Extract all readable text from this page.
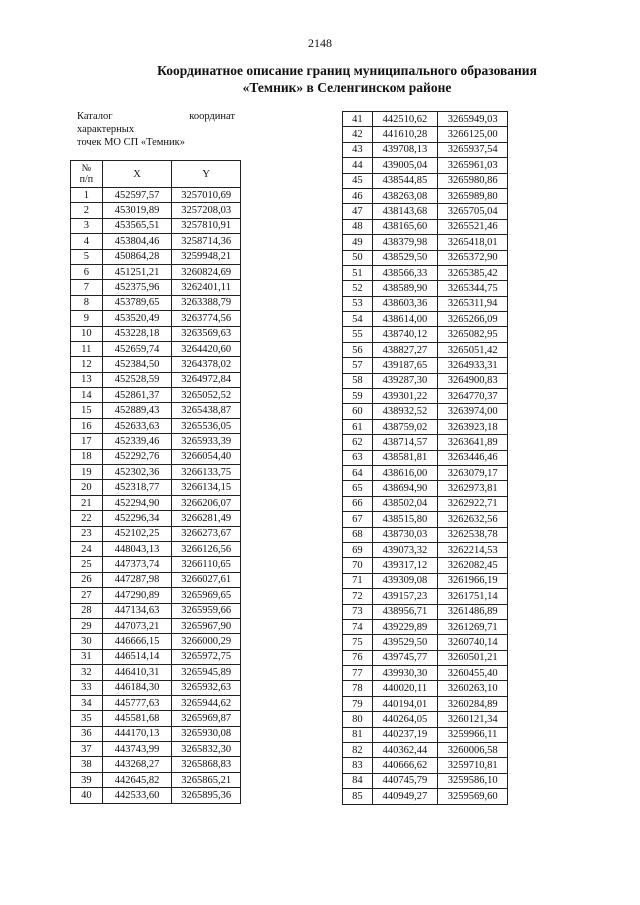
2148
Координатное описание границ муниципального образования
«Темник» в Селенгинском районе
Каталог	координат
характерных
точек МО СП «Темник»
№
п/п	X	Y
1	452597,57	3257010,69
2	453019,89	3257208,03
3	453565,51	3257810,91
4	453804,46	3258714,36
5	450864,28	3259948,21
6	451251,21	3260824,69
7	452375,96	3262401,11
8	453789,65	3263388,79
9	453520,49	3263774,56
10	453228,18	3263569,63
11	452659,74	3264420,60
12	452384,50	3264378,02
13	452528,59	3264972,84
14	452861,37	3265052,52
15	452889,43	3265438,87
16	452633,63	3265536,05
17	452339,46	3265933,39
18	452292,76	3266054,40
19	452302,36	3266133,75
20	452318,77	3266134,15
21	452294,90	3266206,07
22	452296,34	3266281,49
23	452102,25	3266273,67
24	448043,13	3266126,56
25	447373,74	3266110,65
26	447287,98	3266027,61
27	447290,89	3265969,65
28	447134,63	3265959,66
29	447073,21	3265967,90
30	446666,15	3266000,29
31	446514,14	3265972,75
32	446410,31	3265945,89
33	446184,30	3265932,63
34	445777,63	3265944,62
35	445581,68	3265969,87
36	444170,13	3265930,08
37	443743,99	3265832,30
38	443268,27	3265868,83
39	442645,82	3265865,21
40	442533,60	3265895,36
41	442510,62	3265949,03
42	441610,28	3266125,00
43	439708,13	3265937,54
44	439005,04	3265961,03
45	438544,85	3265980,86
46	438263,08	3265989,80
47	438143,68	3265705,04
48	438165,60	3265521,46
49	438379,98	3265418,01
50	438529,50	3265372,90
51	438566,33	3265385,42
52	438589,90	3265344,75
53	438603,36	3265311,94
54	438614,00	3265266,09
55	438740,12	3265082,95
56	438827,27	3265051,42
57	439187,65	3264933,31
58	439287,30	3264900,83
59	439301,22	3264770,37
60	438932,52	3263974,00
61	438759,02	3263923,18
62	438714,57	3263641,89
63	438581,81	3263446,46
64	438616,00	3263079,17
65	438694,90	3262973,81
66	438502,04	3262922,71
67	438515,80	3262632,56
68	438730,03	3262538,78
69	439073,32	3262214,53
70	439317,12	3262082,45
71	439309,08	3261966,19
72	439157,23	3261751,14
73	438956,71	3261486,89
74	439229,89	3261269,71
75	439529,50	3260740,14
76	439745,77	3260501,21
77	439930,30	3260455,40
78	440020,11	3260263,10
79	440194,01	3260284,89
80	440264,05	3260121,34
81	440237,19	3259966,11
82	440362,44	3260006,58
83	440666,62	3259710,81
84	440745,79	3259586,10
85	440949,27	3259569,60
